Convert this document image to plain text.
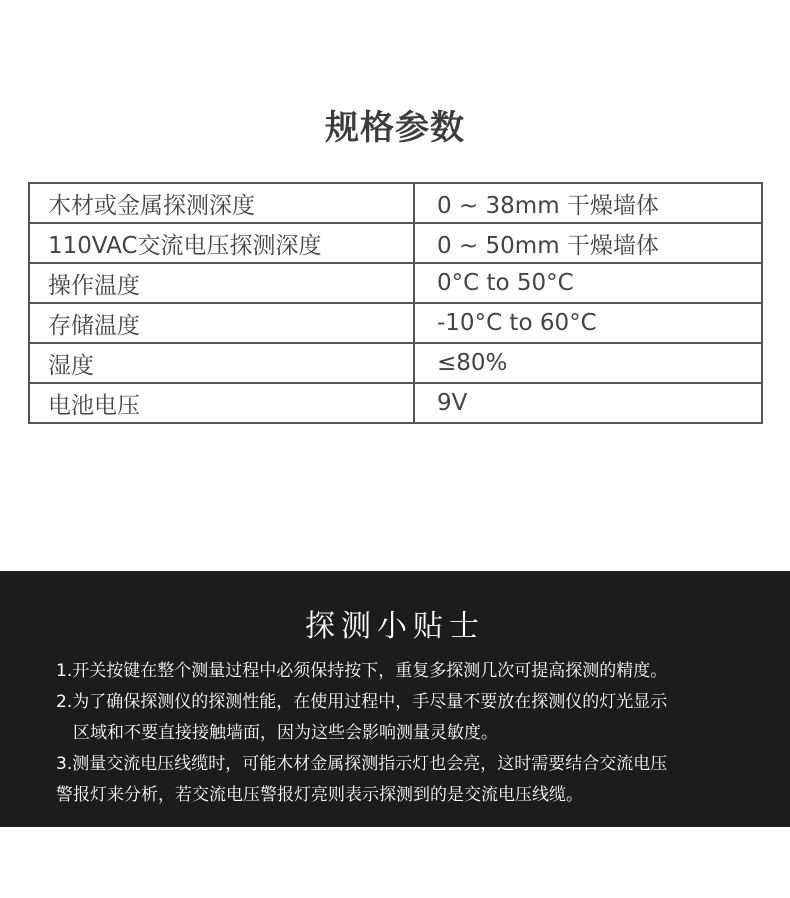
规格参数
木材或金属探测深度	0 ~ 38mm 干燥墙体
110VAC交流电压探测深度	0 ~ 50mm 干燥墙体
操作温度	0°C to 50°C
存储温度	-10°C to 60°C
湿度	≤80%
电池电压	9V
探测小贴士
1.开关按键在整个测量过程中必须保持按下，重复多探测几次可提高探测的精度。
2.为了确保探测仪的探测性能，在使用过程中，手尽量不要放在探测仪的灯光显示
区域和不要直接接触墙面，因为这些会影响测量灵敏度。
3.测量交流电压线缆时，可能木材金属探测指示灯也会亮，这时需要结合交流电压
警报灯来分析，若交流电压警报灯亮则表示探测到的是交流电压线缆。
